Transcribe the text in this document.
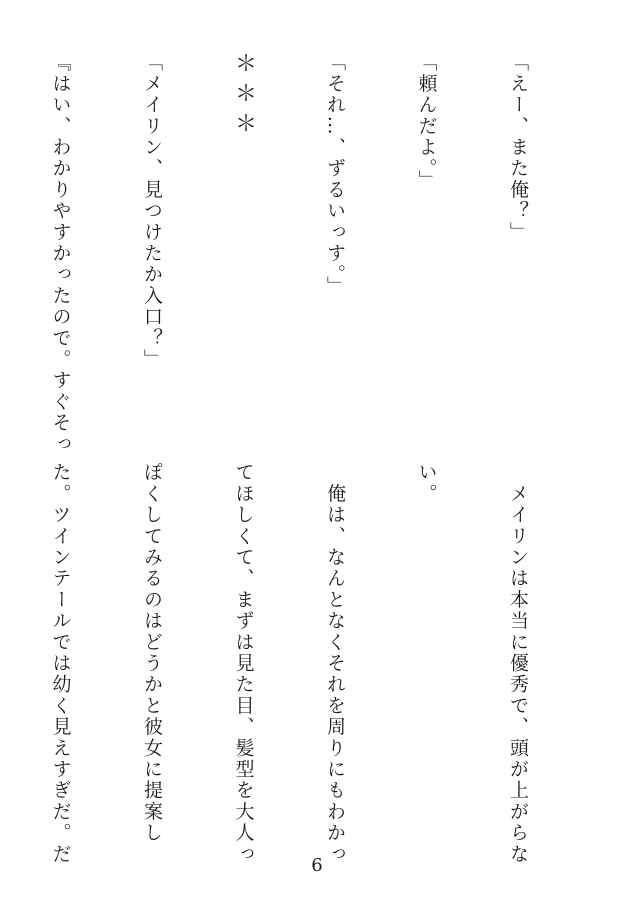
「えー、また俺？」

「頼んだよ。」

「それ…、ずるいっす。」

＊＊＊

「メイリン、見つけたか入口？」

『はい、わかりやすかったので。すぐそっ

　メイリンは本当に優秀で、頭が上がらな

い。

　俺は、なんとなくそれを周りにもわかっ

てほしくて、まずは見た目、髪型を大人っ

ぽくしてみるのはどうかと彼女に提案し

た。ツインテールでは幼く見えすぎだ。だ

6
